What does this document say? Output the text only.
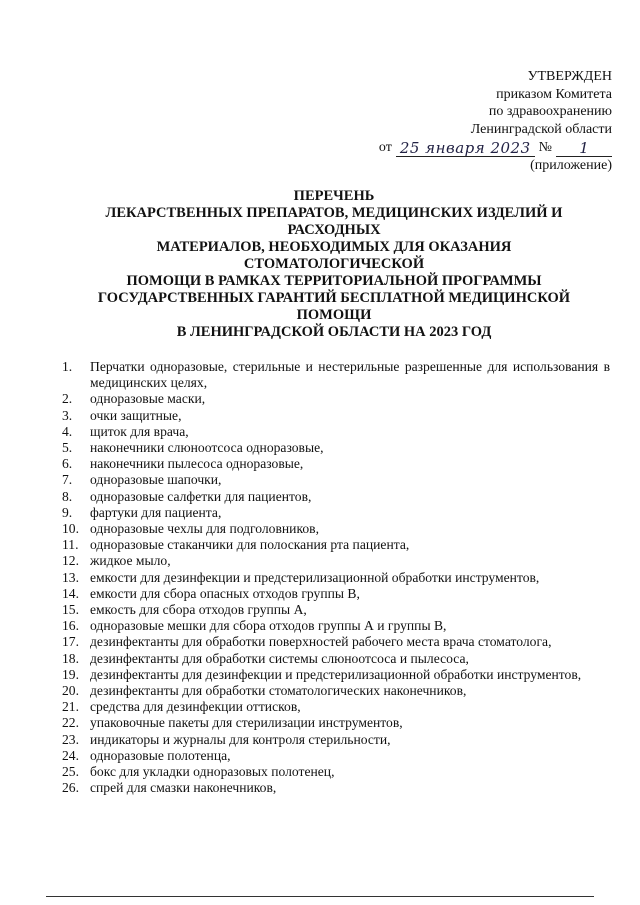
УТВЕРЖДЕН
приказом Комитета
по здравоохранению
Ленинградской области
от 25 января 2023 №	1
(приложение)
ПЕРЕЧЕНЬ
ЛЕКАРСТВЕННЫХ ПРЕПАРАТОВ, МЕДИЦИНСКИХ ИЗДЕЛИЙ И
РАСХОДНЫХ
МАТЕРИАЛОВ, НЕОБХОДИМЫХ ДЛЯ ОКАЗАНИЯ
СТОМАТОЛОГИЧЕСКОЙ
ПОМОЩИ В РАМКАХ ТЕРРИТОРИАЛЬНОЙ ПРОГРАММЫ
ГОСУДАРСТВЕННЫХ ГАРАНТИЙ БЕСПЛАТНОЙ МЕДИЦИНСКОЙ
ПОМОЩИ
В ЛЕНИНГРАДСКОЙ ОБЛАСТИ НА 2023 ГОД
1.	Перчатки одноразовые, стерильные и нестерильные разрешенные для использования в медицинских целях,
2.	одноразовые маски,
3.	очки защитные,
4.	щиток для врача,
5.	наконечники слюноотсоса одноразовые,
6.	наконечники пылесоса одноразовые,
7.	одноразовые шапочки,
8.	одноразовые салфетки для пациентов,
9.	фартуки для пациента,
10. одноразовые чехлы для подголовников,
11. одноразовые стаканчики для полоскания рта пациента,
12. жидкое мыло,
13. емкости для дезинфекции и предстерилизационной обработки инструментов,
14. емкости для сбора опасных отходов группы В,
15. емкость для сбора отходов группы А,
16. одноразовые мешки для сбора отходов группы А и группы В,
17. дезинфектанты для обработки поверхностей рабочего места врача стоматолога,
18. дезинфектанты для обработки системы слюноотсоса и пылесоса,
19. дезинфектанты для дезинфекции и предстерилизационной обработки инструментов,
20. дезинфектанты для обработки стоматологических наконечников,
21. средства для дезинфекции оттисков,
22. упаковочные пакеты для стерилизации инструментов,
23. индикаторы и журналы для контроля стерильности,
24. одноразовые полотенца,
25. бокс для укладки одноразовых полотенец,
26. спрей для смазки наконечников,
